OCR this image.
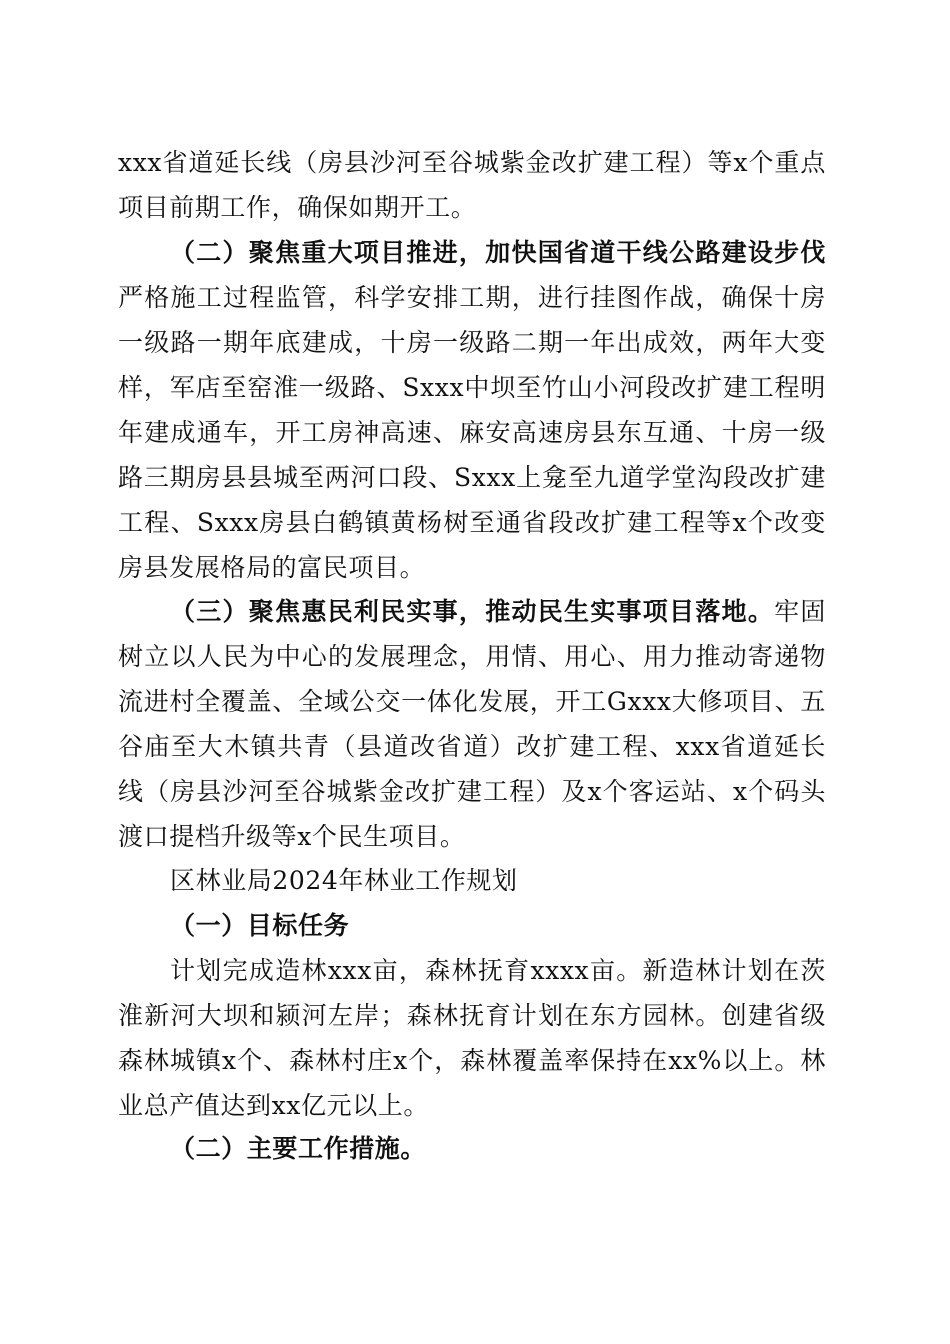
xxx省道延长线（房县沙河至谷城紫金改扩建工程）等x个重点项目前期工作，确保如期开工。

（二）聚焦重大项目推进，加快国省道干线公路建设步伐严格施工过程监管，科学安排工期，进行挂图作战，确保十房一级路一期年底建成，十房一级路二期一年出成效，两年大变样，军店至窑淮一级路、Sxxx中坝至竹山小河段改扩建工程明年建成通车，开工房神高速、麻安高速房县东互通、十房一级路三期房县县城至两河口段、Sxxx上龛至九道学堂沟段改扩建工程、Sxxx房县白鹤镇黄杨树至通省段改扩建工程等x个改变房县发展格局的富民项目。

（三）聚焦惠民利民实事，推动民生实事项目落地。牢固树立以人民为中心的发展理念，用情、用心、用力推动寄递物流进村全覆盖、全域公交一体化发展，开工Gxxx大修项目、五谷庙至大木镇共青（县道改省道）改扩建工程、xxx省道延长线（房县沙河至谷城紫金改扩建工程）及x个客运站、x个码头渡口提档升级等x个民生项目。

区林业局2024年林业工作规划

（一）目标任务

计划完成造林xxx亩，森林抚育xxxx亩。新造林计划在茨淮新河大坝和颍河左岸；森林抚育计划在东方园林。创建省级森林城镇x个、森林村庄x个，森林覆盖率保持在xx%以上。林业总产值达到xx亿元以上。

（二）主要工作措施。
